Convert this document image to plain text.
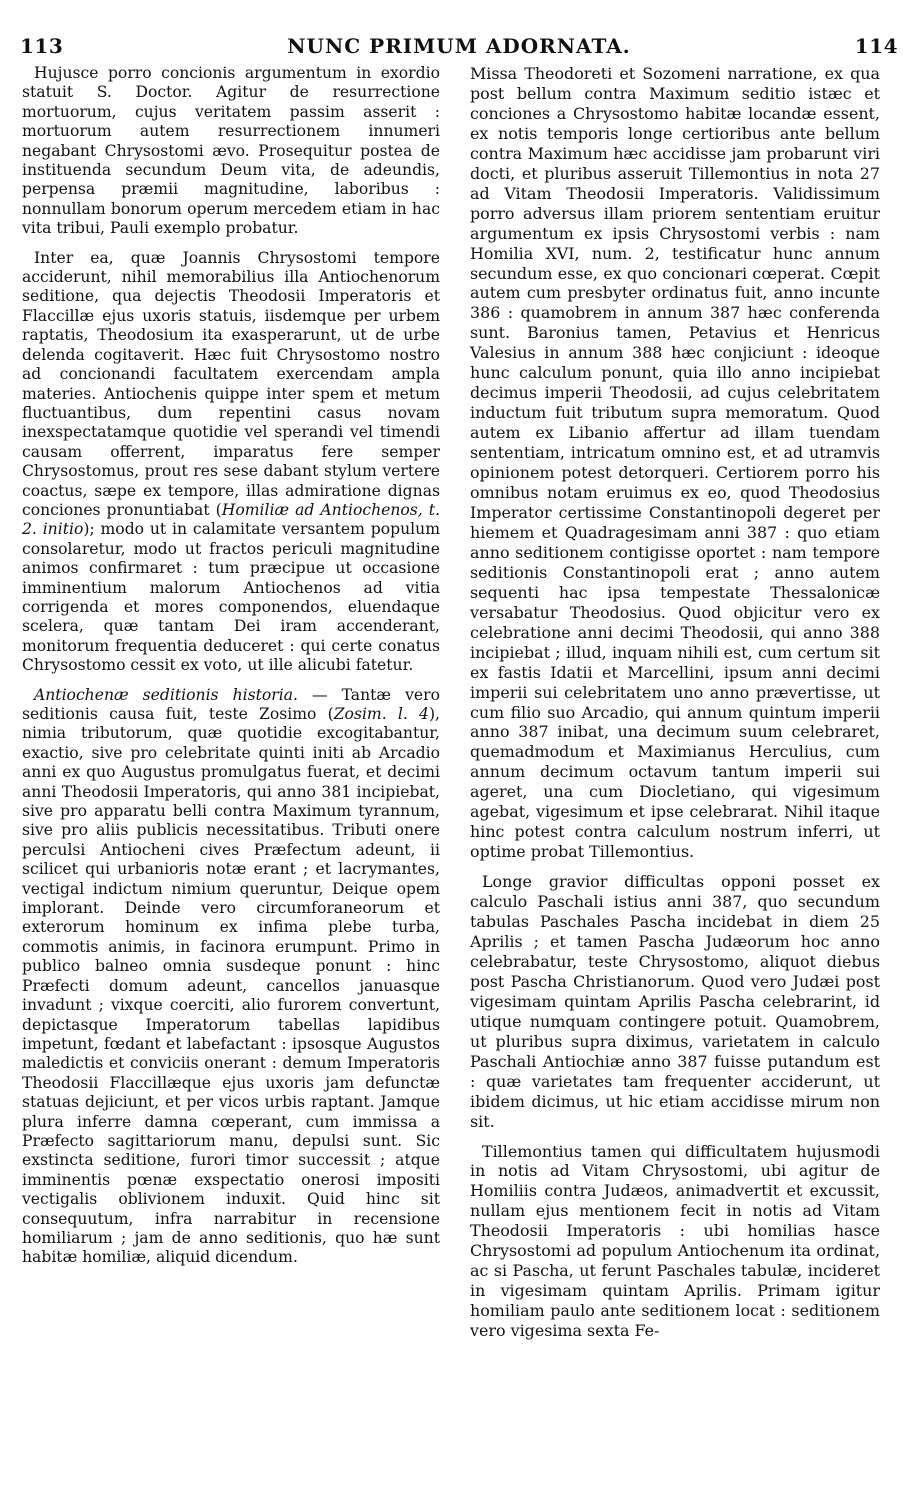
113	NUNC PRIMUM ADORNATA.	114

Hujusce porro concionis argumentum in exordio statuit S. Doctor. Agitur de resurrectione mortuorum, cujus veritatem passim asserit : mortuorum autem resurrectionem innumeri negabant Chrysostomi ævo. Prosequitur postea de instituenda secundum Deum vita, de adeundis, perpensa præmii magnitudine, laboribus : nonnullam bonorum operum mercedem etiam in hac vita tribui, Pauli exemplo probatur.

Inter ea, quæ Joannis Chrysostomi tempore acciderunt, nihil memorabilius illa Antiochenorum seditione, qua dejectis Theodosii Imperatoris et Flaccillæ ejus uxoris statuis, iisdemque per urbem raptatis, Theodosium ita exasperarunt, ut de urbe delenda cogitaverit. Hæc fuit Chrysostomo nostro ad concionandi facultatem exercendam ampla materies. Antiochenis quippe inter spem et metum fluctuantibus, dum repentini casus novam inexspectatamque quotidie vel sperandi vel timendi causam offerrent, imparatus fere semper Chrysostomus, prout res sese dabant stylum vertere coactus, sæpe ex tempore, illas admiratione dignas conciones pronuntiabat (Homiliæ ad Antiochenos, t. 2. initio); modo ut in calamitate versantem populum consolaretur, modo ut fractos periculi magnitudine animos confirmaret : tum præcipue ut occasione imminentium malorum Antiochenos ad vitia corrigenda et mores componendos, eluendaque scelera, quæ tantam Dei iram accenderant, monitorum frequentia deduceret : qui certe conatus Chrysostomo cessit ex voto, ut ille alicubi fatetur.

Antiochenæ seditionis historia. — Tantæ vero seditionis causa fuit, teste Zosimo (Zosim. l. 4), nimia tributorum, quæ quotidie excogitabantur, exactio, sive pro celebritate quinti initi ab Arcadio anni ex quo Augustus promulgatus fuerat, et decimi anni Theodosii Imperatoris, qui anno 381 incipiebat, sive pro apparatu belli contra Maximum tyrannum, sive pro aliis publicis necessitatibus. Tributi onere perculsi Antiocheni cives Præfectum adeunt, ii scilicet qui urbanioris notæ erant ; et lacrymantes, vectigal indictum nimium queruntur, Deique opem implorant. Deinde vero circumforaneorum et exterorum hominum ex infima plebe turba, commotis animis, in facinora erumpunt. Primo in publico balneo omnia susdeque ponunt : hinc Præfecti domum adeunt, cancellos januasque invadunt ; vixque coerciti, alio furorem convertunt, depictasque Imperatorum tabellas lapidibus impetunt, fœdant et labefactant : ipsosque Augustos maledictis et conviciis onerant : demum Imperatoris Theodosii Flaccillæque ejus uxoris jam defunctæ statuas dejiciunt, et per vicos urbis raptant. Jamque plura inferre damna cœperant, cum immissa a Præfecto sagittariorum manu, depulsi sunt. Sic exstincta seditione, furori timor successit ; atque imminentis pœnæ exspectatio onerosi impositi vectigalis oblivionem induxit. Quid hinc sit consequutum, infra narrabitur in recensione homiliarum ; jam de anno seditionis, quo hæ sunt habitæ homiliæ, aliquid dicendum.

Missa Theodoreti et Sozomeni narratione, ex qua post bellum contra Maximum seditio istæc et conciones a Chrysostomo habitæ locandæ essent, ex notis temporis longe certioribus ante bellum contra Maximum hæc accidisse jam probarunt viri docti, et pluribus asseruit Tillemontius in nota 27 ad Vitam Theodosii Imperatoris. Validissimum porro adversus illam priorem sententiam eruitur argumentum ex ipsis Chrysostomi verbis : nam Homilia XVI, num. 2, testificatur hunc annum secundum esse, ex quo concionari cœperat. Cœpit autem cum presbyter ordinatus fuit, anno incunte 386 : quamobrem in annum 387 hæc conferenda sunt. Baronius tamen, Petavius et Henricus Valesius in annum 388 hæc conjiciunt : ideoque hunc calculum ponunt, quia illo anno incipiebat decimus imperii Theodosii, ad cujus celebritatem inductum fuit tributum supra memoratum. Quod autem ex Libanio affertur ad illam tuendam sententiam, intricatum omnino est, et ad utramvis opinionem potest detorqueri. Certiorem porro his omnibus notam eruimus ex eo, quod Theodosius Imperator certissime Constantinopoli degeret per hiemem et Quadragesimam anni 387 : quo etiam anno seditionem contigisse oportet : nam tempore seditionis Constantinopoli erat ; anno autem sequenti hac ipsa tempestate Thessalonicæ versabatur Theodosius. Quod objicitur vero ex celebratione anni decimi Theodosii, qui anno 388 incipiebat ; illud, inquam nihili est, cum certum sit ex fastis Idatii et Marcellini, ipsum anni decimi imperii sui celebritatem uno anno prævertisse, ut cum filio suo Arcadio, qui annum quintum imperii anno 387 inibat, una decimum suum celebraret, quemadmodum et Maximianus Herculius, cum annum decimum octavum tantum imperii sui ageret, una cum Diocletiano, qui vigesimum agebat, vigesimum et ipse celebrarat. Nihil itaque hinc potest contra calculum nostrum inferri, ut optime probat Tillemontius.

Longe gravior difficultas opponi posset ex calculo Paschali istius anni 387, quo secundum tabulas Paschales Pascha incidebat in diem 25 Aprilis ; et tamen Pascha Judæorum hoc anno celebrabatur, teste Chrysostomo, aliquot diebus post Pascha Christianorum. Quod vero Judæi post vigesimam quintam Aprilis Pascha celebrarint, id utique numquam contingere potuit. Quamobrem, ut pluribus supra diximus, varietatem in calculo Paschali Antiochiæ anno 387 fuisse putandum est : quæ varietates tam frequenter acciderunt, ut ibidem dicimus, ut hic etiam accidisse mirum non sit.

Tillemontius tamen qui difficultatem hujusmodi in notis ad Vitam Chrysostomi, ubi agitur de Homiliis contra Judæos, animadvertit et excussit, nullam ejus mentionem fecit in notis ad Vitam Theodosii Imperatoris : ubi homilias hasce Chrysostomi ad populum Antiochenum ita ordinat, ac si Pascha, ut ferunt Paschales tabulæ, incideret in vigesimam quintam Aprilis. Primam igitur homiliam paulo ante seditionem locat : seditionem vero vigesima sexta Fe-
